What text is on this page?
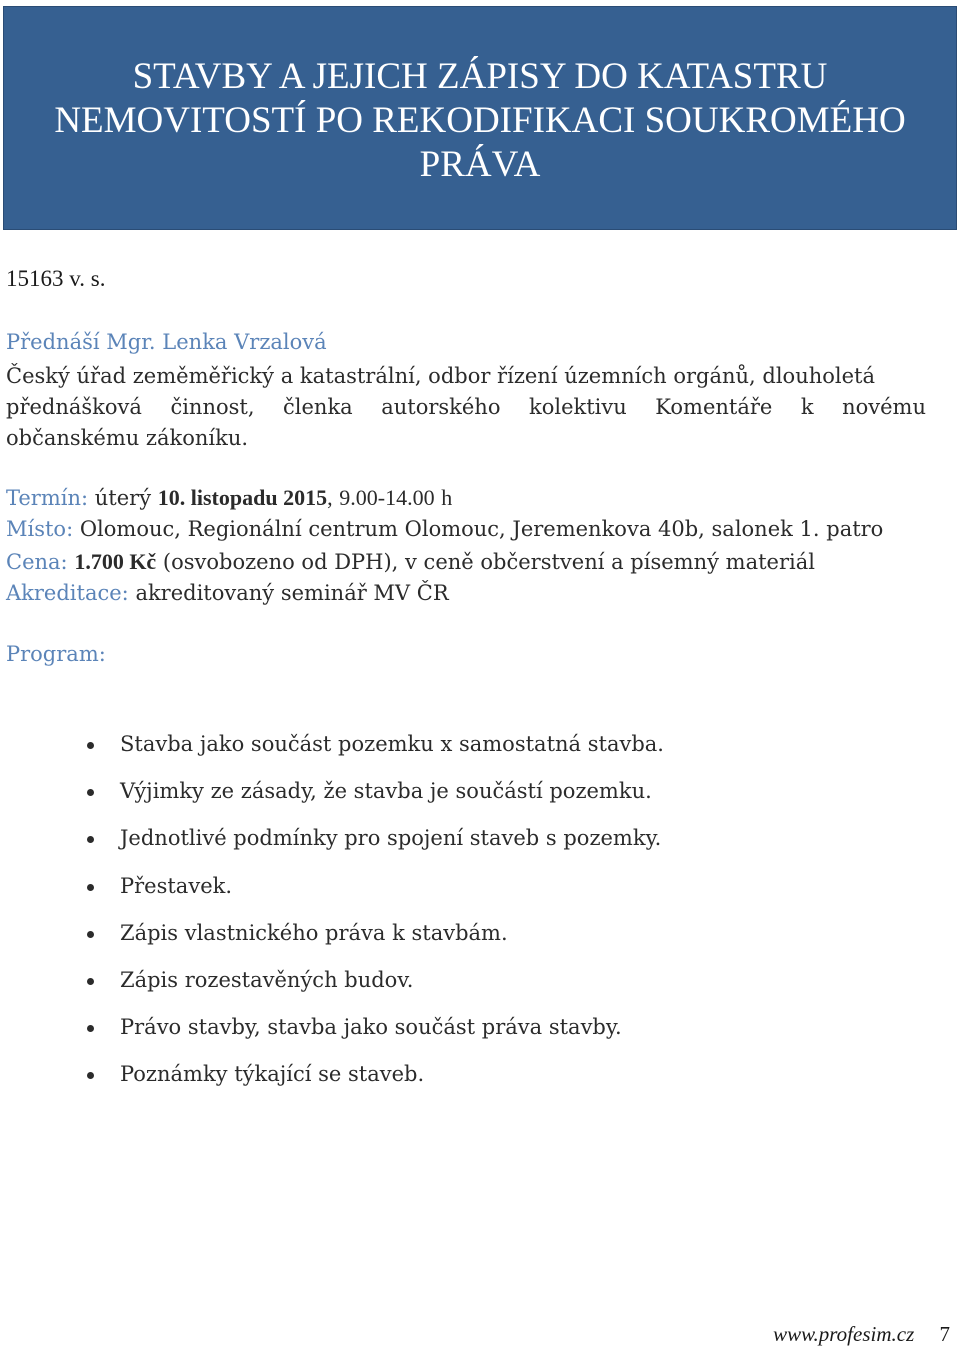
STAVBY A JEJICH ZÁPISY DO KATASTRU
NEMOVITOSTÍ PO REKODIFIKACI SOUKROMÉHO
PRÁVA

15163 v. s.

Přednáší Mgr. Lenka Vrzalová

Český úřad zeměměřický a katastrální, odbor řízení územních orgánů, dlouholetá
přednášková činnost, členka autorského kolektivu Komentáře k novému
občanskému zákoníku.

Termín: úterý 10. listopadu 2015, 9.00-14.00 h

Místo: Olomouc, Regionální centrum Olomouc, Jeremenkova 40b, salonek 1. patro

Cena: 1.700 Kč (osvobozeno od DPH), v ceně občerstvení a písemný materiál

Akreditace: akreditovaný seminář MV ČR

Program:

Stavba jako součást pozemku x samostatná stavba.
Výjimky ze zásady, že stavba je součástí pozemku.
Jednotlivé podmínky pro spojení staveb s pozemky.
Přestavek.
Zápis vlastnického práva k stavbám.
Zápis rozestavěných budov.
Právo stavby, stavba jako součást práva stavby.
Poznámky týkající se staveb.
www.profesim.cz 7
